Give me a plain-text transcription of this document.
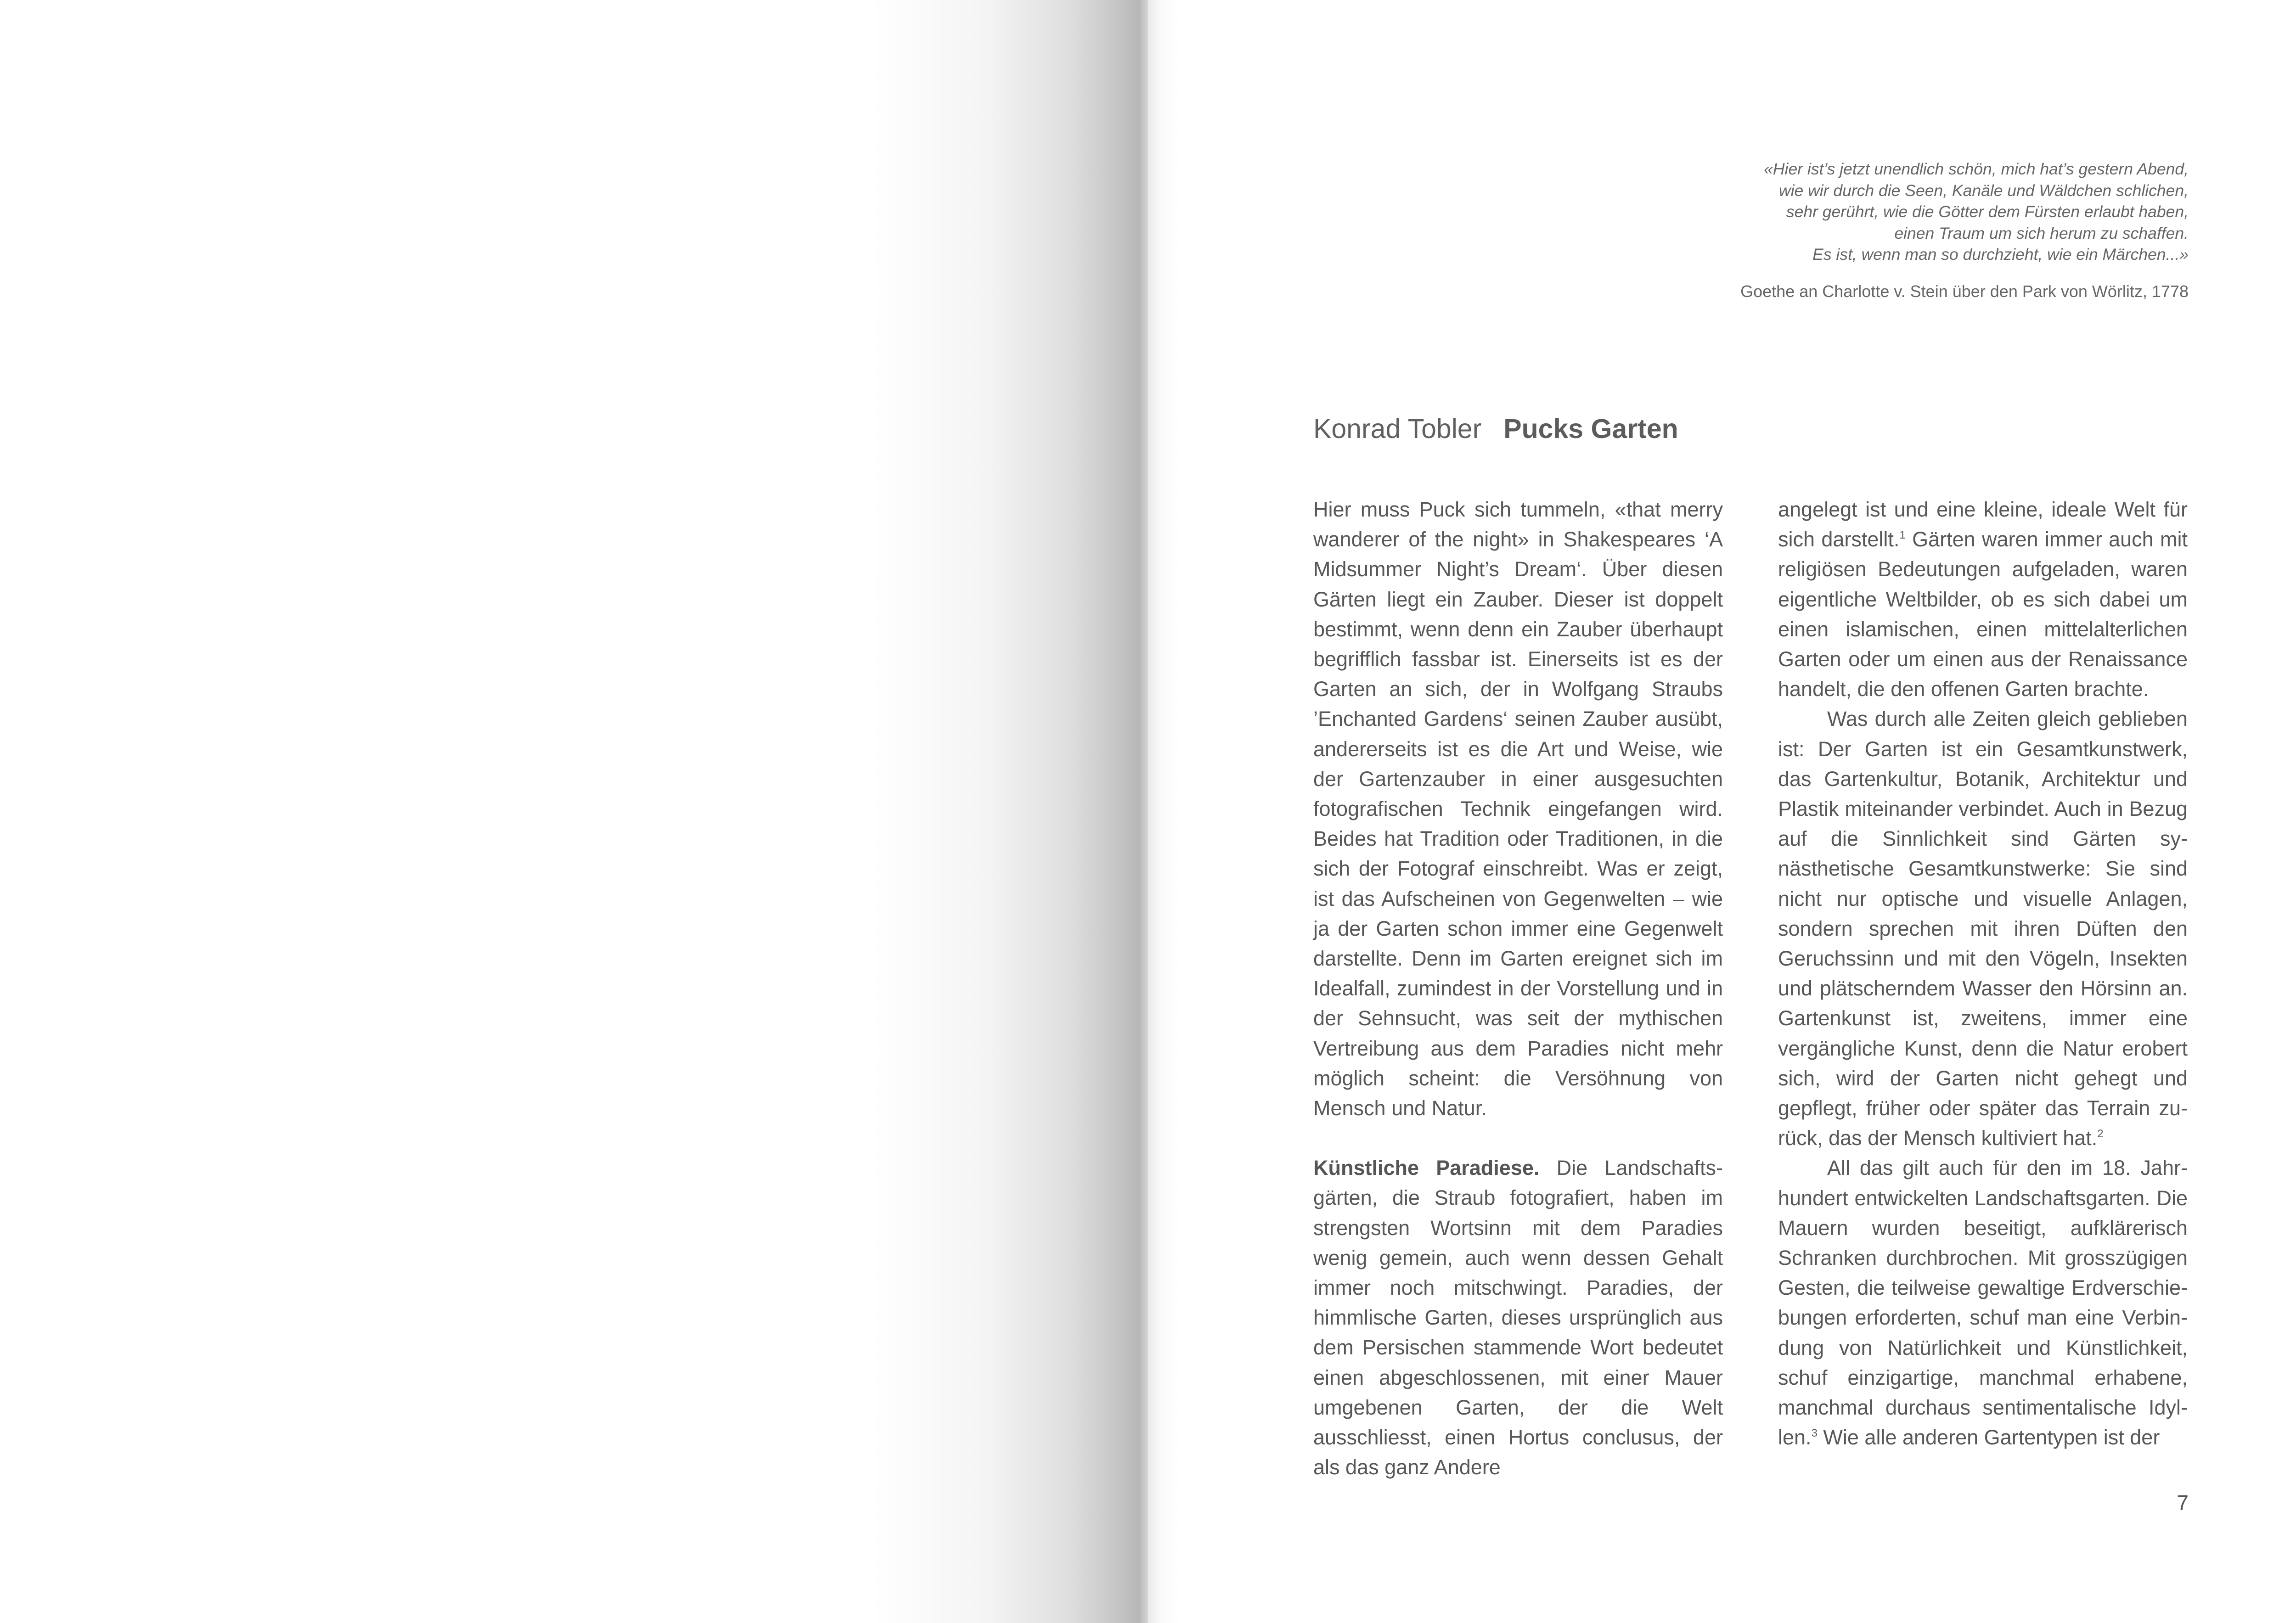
«Hier ist’s jetzt unendlich schön, mich hat’s gestern Abend,
wie wir durch die Seen, Kanäle und Wäldchen schlichen,
sehr gerührt, wie die Götter dem Fürsten erlaubt haben,
einen Traum um sich herum zu schaffen.
Es ist, wenn man so durchzieht, wie ein Märchen...»
Goethe an Charlotte v. Stein über den Park von Wörlitz, 1778
Konrad Tobler Pucks Garten

Hier muss Puck sich tummeln, «that merry wanderer of the night» in Shakespeares ‘A Midsummer Night’s Dream‘. Über diesen Gärten liegt ein Zauber. Dieser ist doppelt bestimmt, wenn denn ein Zauber überhaupt begrifflich fassbar ist. Einerseits ist es der Garten an sich, der in Wolfgang Straubs ’Enchanted Gardens‘ seinen Zauber ausübt, andererseits ist es die Art und Weise, wie der Gartenzauber in einer ausgesuchten fotografischen Technik eingefangen wird. Beides hat Tradition oder Traditionen, in die sich der Fotograf einschreibt. Was er zeigt, ist das Aufscheinen von Gegenwelten – wie ja der Garten schon immer eine Gegenwelt darstellte. Denn im Garten ereignet sich im Idealfall, zumindest in der Vorstellung und in der Sehnsucht, was seit der mythischen Vertreibung aus dem Paradies nicht mehr möglich scheint: die Versöhnung von Mensch und Natur.

Künstliche Paradiese. Die Landschaftsgärten, die Straub fotografiert, haben im strengsten Wortsinn mit dem Paradies wenig gemein, auch wenn dessen Gehalt immer noch mitschwingt. Paradies, der himmlische Garten, dieses ursprünglich aus dem Persischen stammende Wort bedeutet einen abgeschlossenen, mit einer Mauer umgebenen Garten, der die Welt ausschliesst, einen Hortus conclusus, der als das ganz Andere

angelegt ist und eine kleine, ideale Welt für sich darstellt.$^1$ Gärten waren immer auch mit religiösen Bedeutungen aufgeladen, waren eigentliche Weltbilder, ob es sich dabei um einen islamischen, einen mittelalterlichen Garten oder um einen aus der Renaissance handelt, die den offenen Garten brachte.

Was durch alle Zeiten gleich geblieben ist: Der Garten ist ein Gesamtkunstwerk, das Gartenkultur, Botanik, Architektur und Plastik miteinander verbindet. Auch in Bezug auf die Sinnlichkeit sind Gärten synästhetische Gesamtkunstwerke: Sie sind nicht nur optische und visuelle Anlagen, sondern sprechen mit ihren Düften den Geruchssinn und mit den Vögeln, Insekten und plätscherndem Wasser den Hörsinn an. Gartenkunst ist, zweitens, immer eine vergängliche Kunst, denn die Natur erobert sich, wird der Garten nicht gehegt und gepflegt, früher oder später das Terrain zurück, das der Mensch kultiviert hat.$^2$

All das gilt auch für den im 18. Jahrhundert entwickelten Landschaftsgarten. Die Mauern wurden beseitigt, aufklärerisch Schranken durchbrochen. Mit grosszügigen Gesten, die teilweise gewaltige Erdverschiebungen erforderten, schuf man eine Verbindung von Natürlichkeit und Künstlichkeit, schuf einzigartige, manchmal erhabene, manchmal durchaus sentimentalische Idyllen.$^3$ Wie alle anderen Gartentypen ist der

7
